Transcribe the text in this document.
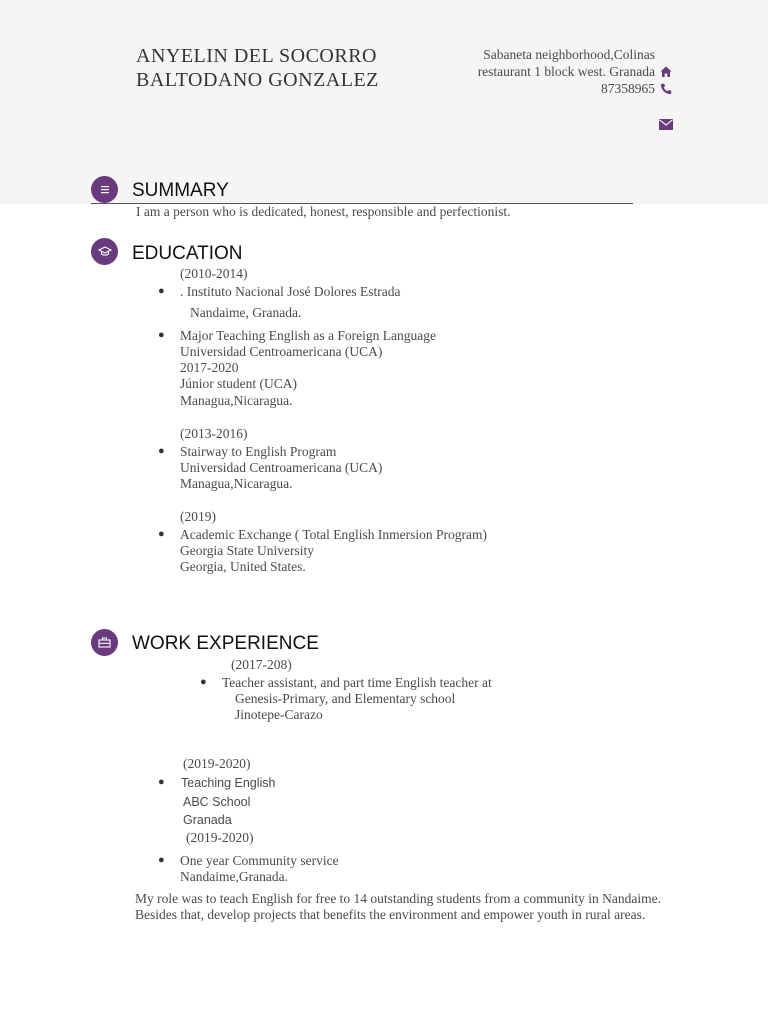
ANYELIN DEL SOCORRO
BALTODANO GONZALEZ
Sabaneta neighborhood,Colinas
restaurant 1 block west. Granada
87358965
SUMMARY
I am a person who is dedicated, honest, responsible and perfectionist.
EDUCATION
(2010-2014)
● . Instituto Nacional José Dolores Estrada
Nandaime, Granada.
● Major Teaching English as a Foreign Language
Universidad Centroamericana (UCA)
2017-2020
Júnior student (UCA)
Managua,Nicaragua.
(2013-2016)
● Stairway to English Program
Universidad Centroamericana (UCA)
Managua,Nicaragua.
(2019)
● Academic Exchange ( Total English Inmersion Program)
Georgia State University
Georgia, United States.
WORK EXPERIENCE
(2017-208)
● Teacher assistant, and part time English teacher at
Genesis-Primary, and Elementary school
Jinotepe-Carazo
(2019-2020)
● Teaching English
ABC School
Granada
(2019-2020)
● One year Community service
Nandaime,Granada.
My role was to teach English for free to 14 outstanding students from a community in Nandaime.
Besides that, develop projects that benefits the environment and empower youth in rural areas.
